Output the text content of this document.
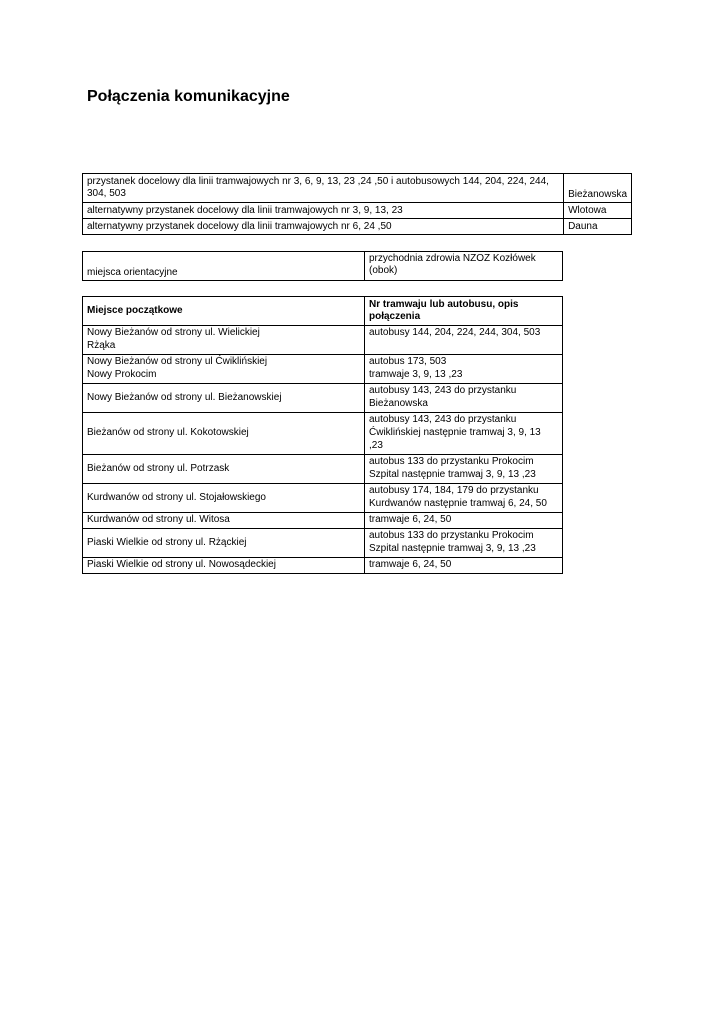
Połączenia komunikacyjne
przystanek docelowy dla linii tramwajowych nr 3, 6, 9, 13, 23 ,24 ,50 i autobusowych 144, 204, 224, 244, 304, 503	Bieżanowska
alternatywny przystanek docelowy dla linii tramwajowych nr 3, 9, 13, 23	Wlotowa
alternatywny przystanek docelowy dla linii tramwajowych nr 6, 24 ,50	Dauna
miejsca orientacyjne	przychodnia zdrowia NZOZ Kozłówek (obok)
Miejsce początkowe	Nr tramwaju lub autobusu, opis połączenia

Nowy Bieżanów od strony ul. Wielickiej
Rżąka	autobusy 144, 204, 224, 244, 304, 503

Nowy Bieżanów od strony ul Ćwiklińskiej
Nowy Prokocim	autobus 173, 503
tramwaje 3, 9, 13 ,23

Nowy Bieżanów od strony ul. Bieżanowskiej	autobusy 143, 243 do przystanku
Bieżanowska

Bieżanów od strony ul. Kokotowskiej	autobusy 143, 243 do przystanku
Ćwiklińskiej następnie tramwaj 3, 9, 13
,23

Bieżanów od strony ul. Potrzask	autobus 133 do przystanku Prokocim
Szpital następnie tramwaj 3, 9, 13 ,23

Kurdwanów od strony ul. Stojałowskiego	autobusy 174, 184, 179 do przystanku
Kurdwanów następnie tramwaj 6, 24, 50

Kurdwanów od strony ul. Witosa	tramwaje 6, 24, 50

Piaski Wielkie od strony ul. Rżąckiej	autobus 133 do przystanku Prokocim
Szpital następnie tramwaj 3, 9, 13 ,23

Piaski Wielkie od strony ul. Nowosądeckiej	tramwaje 6, 24, 50
